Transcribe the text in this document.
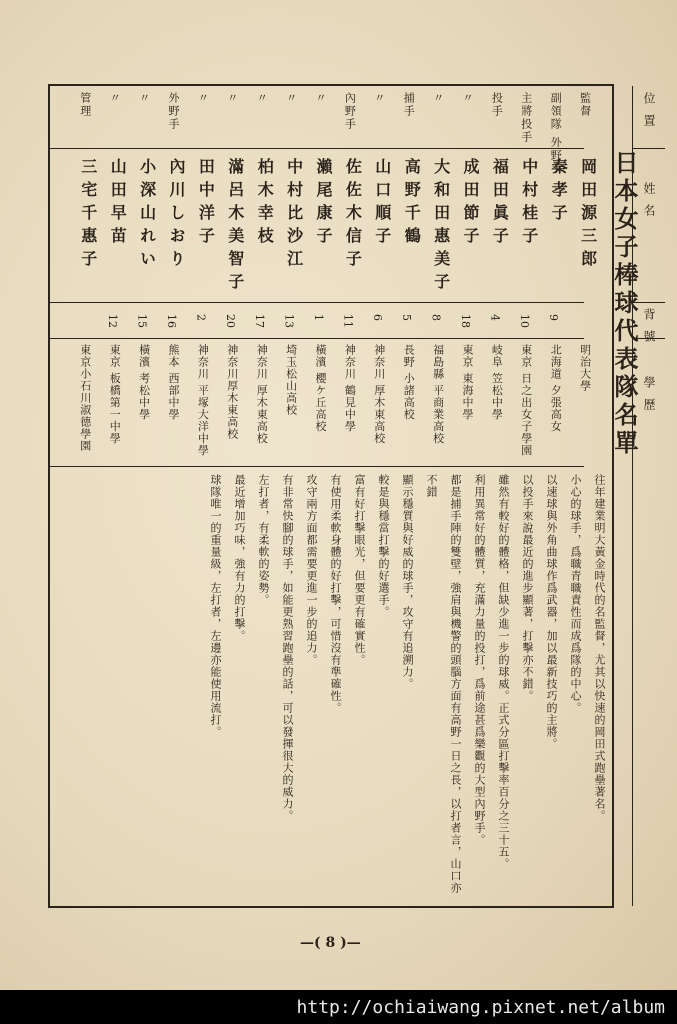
日本女子棒球代表隊名單
位置
姓名
背號
學歷
監督
岡田源三郎
明治大學
副領隊 外野手
秦孝子
9
北海道 夕張高女
主將投手
中村桂子
10
東京 日之出女子學園
投手
福田眞子
4
岐阜 笠松中學
〃
成田節子
18
東京 東海中學
〃
大和田惠美子
8
福島縣 平商業高校
捕手
高野千鶴
5
長野 小諸高校
〃
山口順子
6
神奈川 厚木東高校
內野手
佐佐木信子
11
神奈川 鶴見中學
〃
瀨尾康子
1
橫濱 櫻ケ丘高校
〃
中村比沙江
13
埼玉松山高校
〃
柏木幸枝
17
神奈川 厚木東高校
〃
滿呂木美智子
20
神奈川厚木東高校
〃
田中洋子
2
神奈川 平塚大洋中學
外野手
內川しおり
16
熊本 西部中學
〃
小深山れい
15
橫濱 考松中學
〃
山田早苗
12
東京 板橋第一中學
管理
三宅千惠子
東京小石川淑德學園
往年建業明大黃金時代的名監督，尤其以快速的岡田式跑壘著名。
小心的球手，爲職青職責性而成爲隊的中心。
以速球與外角曲球作爲武器，加以最新技巧的主將。
以投手來說最近的進步顯著，打擊亦不錯。
雖然有較好的體格，但缺少進一步的球威。正式分區打擊率百分之三十五。
利用異常好的體質，充滿力量的投打，爲前途甚爲樂觀的大型內野手。
都是捕手陣的雙壁，強肩與機警的頭腦方面有高野一日之長，以打者言，山口亦
不錯
顯示穩質與好威的球手，攻守有追溯力。
較是與穩當打擊的好選手。
富有好打擊眼光，但要更有確實性。
有使用柔軟身體的好打擊，可惜沒有準確性。
攻守兩方面都需要更進一步的追力。
有非常快腳的球手，如能更熟習跑壘的話，可以發揮很大的威力。
左打者，有柔軟的姿勢。
最近增加巧味，強有力的打擊。
球隊唯一的重量級，左打者，左邊亦能使用流打。
—( 8 )—
http://ochiaiwang.pixnet.net/album
